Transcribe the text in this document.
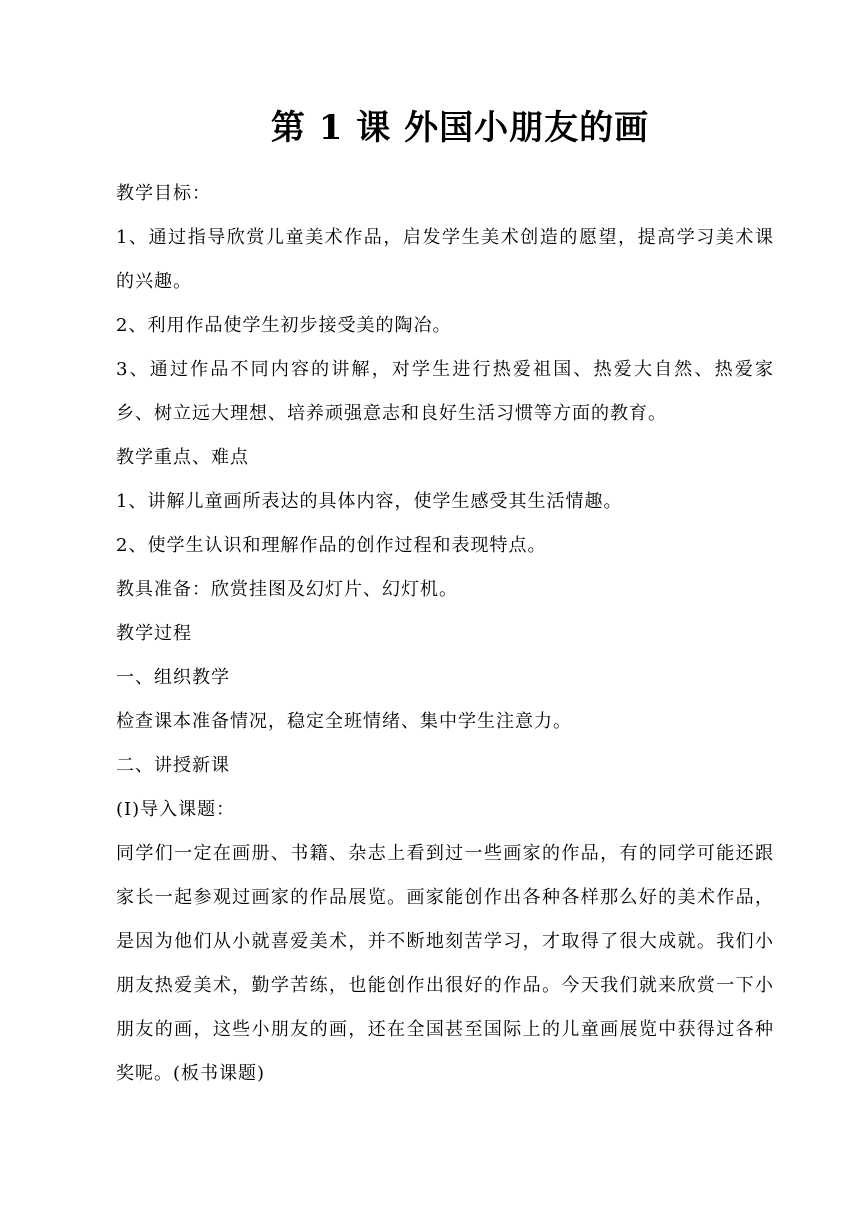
第 1 课 外国小朋友的画

教学目标：

1、通过指导欣赏儿童美术作品，启发学生美术创造的愿望，提高学习美术课的兴趣。

2、利用作品使学生初步接受美的陶冶。

3、通过作品不同内容的讲解，对学生进行热爱祖国、热爱大自然、热爱家乡、树立远大理想、培养顽强意志和良好生活习惯等方面的教育。

教学重点、难点

1、讲解儿童画所表达的具体内容，使学生感受其生活情趣。

2、使学生认识和理解作品的创作过程和表现特点。

教具准备：欣赏挂图及幻灯片、幻灯机。

教学过程

一、组织教学

检查课本准备情况，稳定全班情绪、集中学生注意力。

二、讲授新课

(I)导入课题：

同学们一定在画册、书籍、杂志上看到过一些画家的作品，有的同学可能还跟家长一起参观过画家的作品展览。画家能创作出各种各样那么好的美术作品，是因为他们从小就喜爱美术，并不断地刻苦学习，才取得了很大成就。我们小朋友热爱美术，勤学苦练，也能创作出很好的作品。今天我们就来欣赏一下小朋友的画，这些小朋友的画，还在全国甚至国际上的儿童画展览中获得过各种奖呢。(板书课题)
